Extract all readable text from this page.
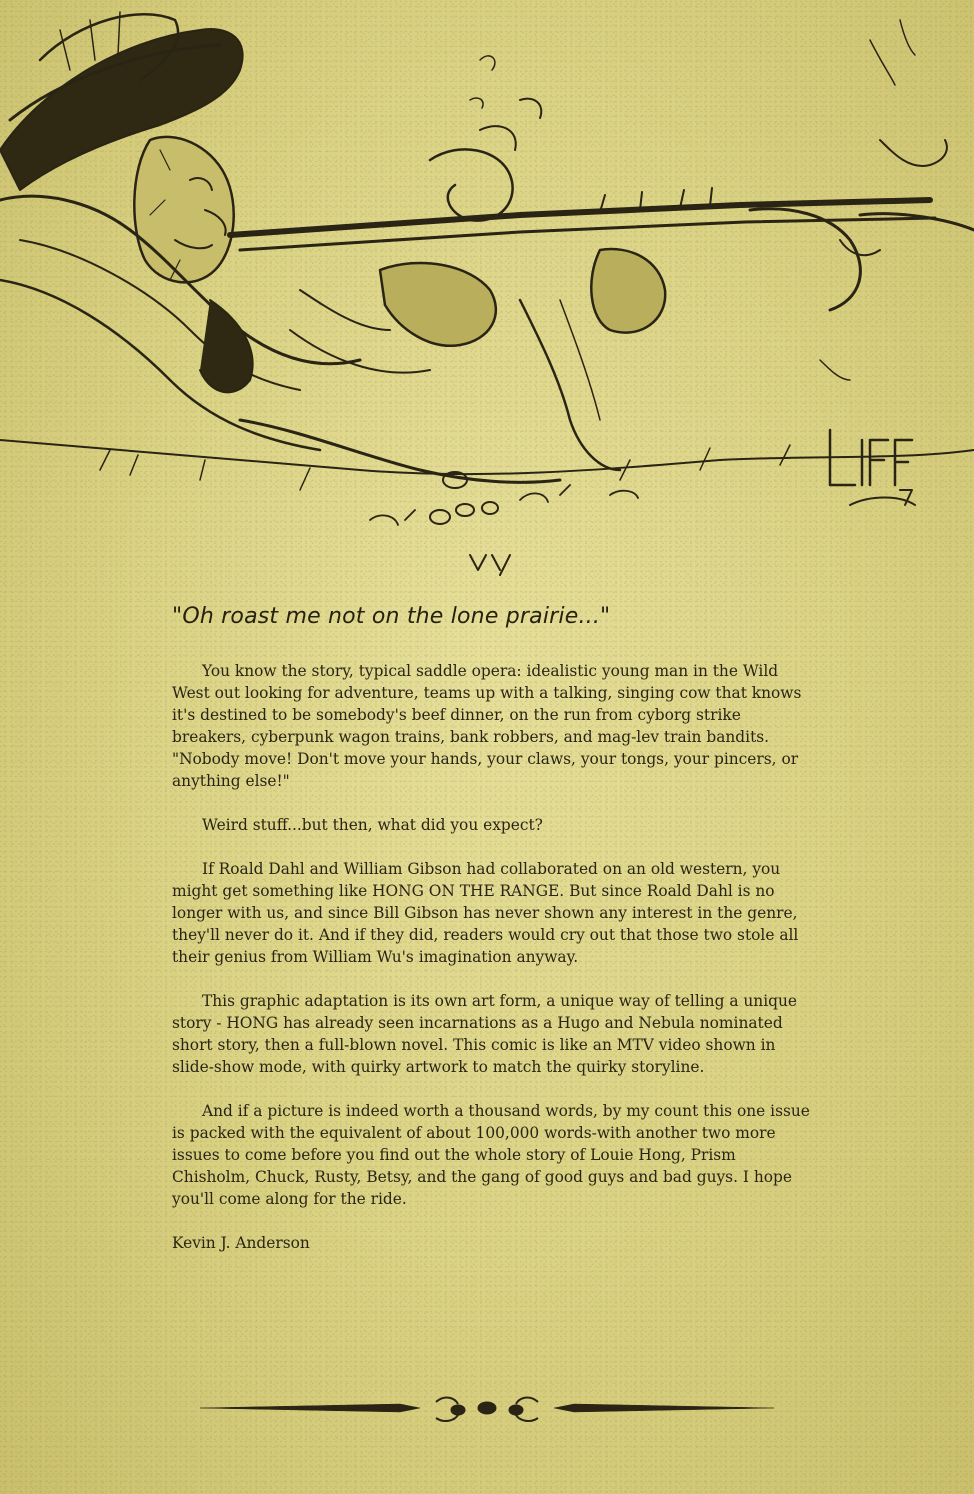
"Oh roast me not on the lone prairie..."

You know the story, typical saddle opera: idealistic young man in the Wild West out looking for adventure, teams up with a talking, singing cow that knows it's destined to be somebody's beef dinner, on the run from cyborg strike breakers, cyberpunk wagon trains, bank robbers, and mag-lev train bandits. "Nobody move! Don't move your hands, your claws, your tongs, your pincers, or anything else!"

Weird stuff...but then, what did you expect?

If Roald Dahl and William Gibson had collaborated on an old western, you might get something like HONG ON THE RANGE. But since Roald Dahl is no longer with us, and since Bill Gibson has never shown any interest in the genre, they'll never do it. And if they did, readers would cry out that those two stole all their genius from William Wu's imagination anyway.

This graphic adaptation is its own art form, a unique way of telling a unique story - HONG has already seen incarnations as a Hugo and Nebula nominated short story, then a full-blown novel. This comic is like an MTV video shown in slide-show mode, with quirky artwork to match the quirky storyline.

And if a picture is indeed worth a thousand words, by my count this one issue is packed with the equivalent of about 100,000 words-with another two more issues to come before you find out the whole story of Louie Hong, Prism Chisholm, Chuck, Rusty, Betsy, and the gang of good guys and bad guys. I hope you'll come along for the ride.

Kevin J. Anderson
